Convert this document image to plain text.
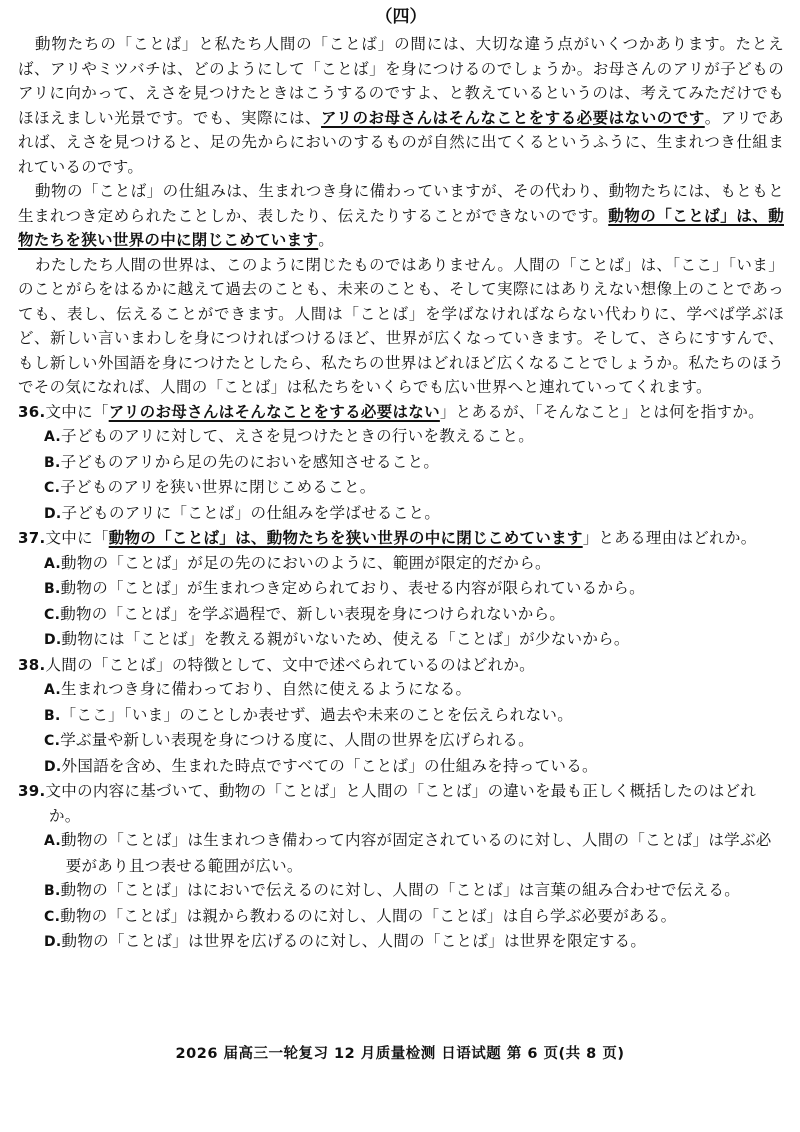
（四）

動物たちの「ことば」と私たち人間の「ことば」の間には、大切な違う点がいくつかあります。たとえば、アリやミツバチは、どのようにして「ことば」を身につけるのでしょうか。お母さんのアリが子どものアリに向かって、えさを見つけたときはこうするのですよ、と教えているというのは、考えてみただけでもほほえましい光景です。でも、実際には、アリのお母さんはそんなことをする必要はないのです。アリであれば、えさを見つけると、足の先からにおいのするものが自然に出てくるというふうに、生まれつき仕組まれているのです。

動物の「ことば」の仕組みは、生まれつき身に備わっていますが、その代わり、動物たちには、もともと生まれつき定められたことしか、表したり、伝えたりすることができないのです。動物の「ことば」は、動物たちを狭い世界の中に閉じこめています。

わたしたち人間の世界は、このように閉じたものではありません。人間の「ことば」は、「ここ」「いま」のことがらをはるかに越えて過去のことも、未来のことも、そして実際にはありえない想像上のことであっても、表し、伝えることができます。人間は「ことば」を学ばなければならない代わりに、学べば学ぶほど、新しい言いまわしを身につければつけるほど、世界が広くなっていきます。そして、さらにすすんで、もし新しい外国語を身につけたとしたら、私たちの世界はどれほど広くなることでしょうか。私たちのほうでその気になれば、人間の「ことば」は私たちをいくらでも広い世界へと連れていってくれます。

36.文中に「アリのお母さんはそんなことをする必要はない」とあるが、「そんなこと」とは何を指すか。
A.子どものアリに対して、えさを見つけたときの行いを教えること。
B.子どものアリから足の先のにおいを感知させること。
C.子どものアリを狭い世界に閉じこめること。
D.子どものアリに「ことば」の仕組みを学ばせること。
37.文中に「動物の「ことば」は、動物たちを狭い世界の中に閉じこめています」とある理由はどれか。
A.動物の「ことば」が足の先のにおいのように、範囲が限定的だから。
B.動物の「ことば」が生まれつき定められており、表せる内容が限られているから。
C.動物の「ことば」を学ぶ過程で、新しい表現を身につけられないから。
D.動物には「ことば」を教える親がいないため、使える「ことば」が少ないから。
38.人間の「ことば」の特徴として、文中で述べられているのはどれか。
A.生まれつき身に備わっており、自然に使えるようになる。
B.「ここ」「いま」のことしか表せず、過去や未来のことを伝えられない。
C.学ぶ量や新しい表現を身につける度に、人間の世界を広げられる。
D.外国語を含め、生まれた時点ですべての「ことば」の仕組みを持っている。
39.文中の内容に基づいて、動物の「ことば」と人間の「ことば」の違いを最も正しく概括したのはどれか。
A.動物の「ことば」は生まれつき備わって内容が固定されているのに対し、人間の「ことば」は学ぶ必要があり且つ表せる範囲が広い。
B.動物の「ことば」はにおいで伝えるのに対し、人間の「ことば」は言葉の組み合わせで伝える。
C.動物の「ことば」は親から教わるのに対し、人間の「ことば」は自ら学ぶ必要がある。
D.動物の「ことば」は世界を広げるのに対し、人間の「ことば」は世界を限定する。
2026 届高三一轮复习 12 月质量检测 日语试题 第 6 页(共 8 页)
